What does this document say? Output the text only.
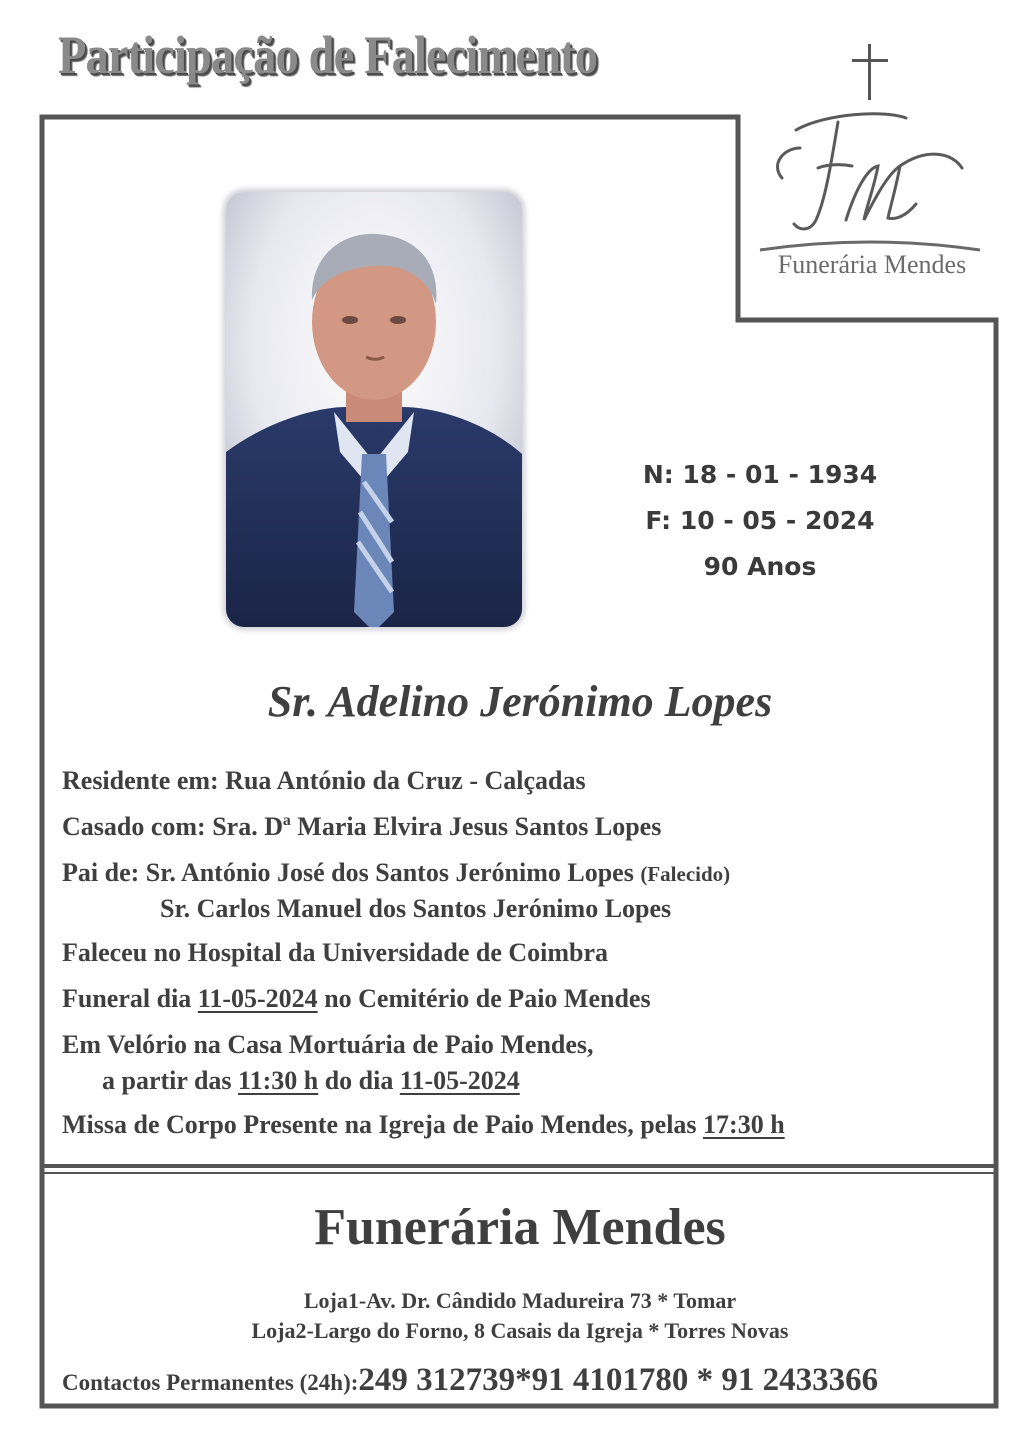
Participação de Falecimento
Funerária Mendes
N: 18 - 01 - 1934
F: 10 - 05 - 2024
90 Anos
Sr. Adelino Jerónimo Lopes
Residente em: Rua António da Cruz - Calçadas
Casado com: Sra. Dª Maria Elvira Jesus Santos Lopes
Pai de: Sr. António José dos Santos Jerónimo Lopes (Falecido)
Sr. Carlos Manuel dos Santos Jerónimo Lopes
Faleceu no Hospital da Universidade de Coimbra
Funeral dia 11-05-2024 no Cemitério de Paio Mendes
Em Velório na Casa Mortuária de Paio Mendes,
a partir das 11:30 h do dia 11-05-2024
Missa de Corpo Presente na Igreja de Paio Mendes, pelas 17:30 h
Funerária Mendes
Loja1-Av. Dr. Cândido Madureira 73 * Tomar
Loja2-Largo do Forno, 8 Casais da Igreja * Torres Novas
Contactos Permanentes (24h):249 312739*91 4101780 * 91 2433366
